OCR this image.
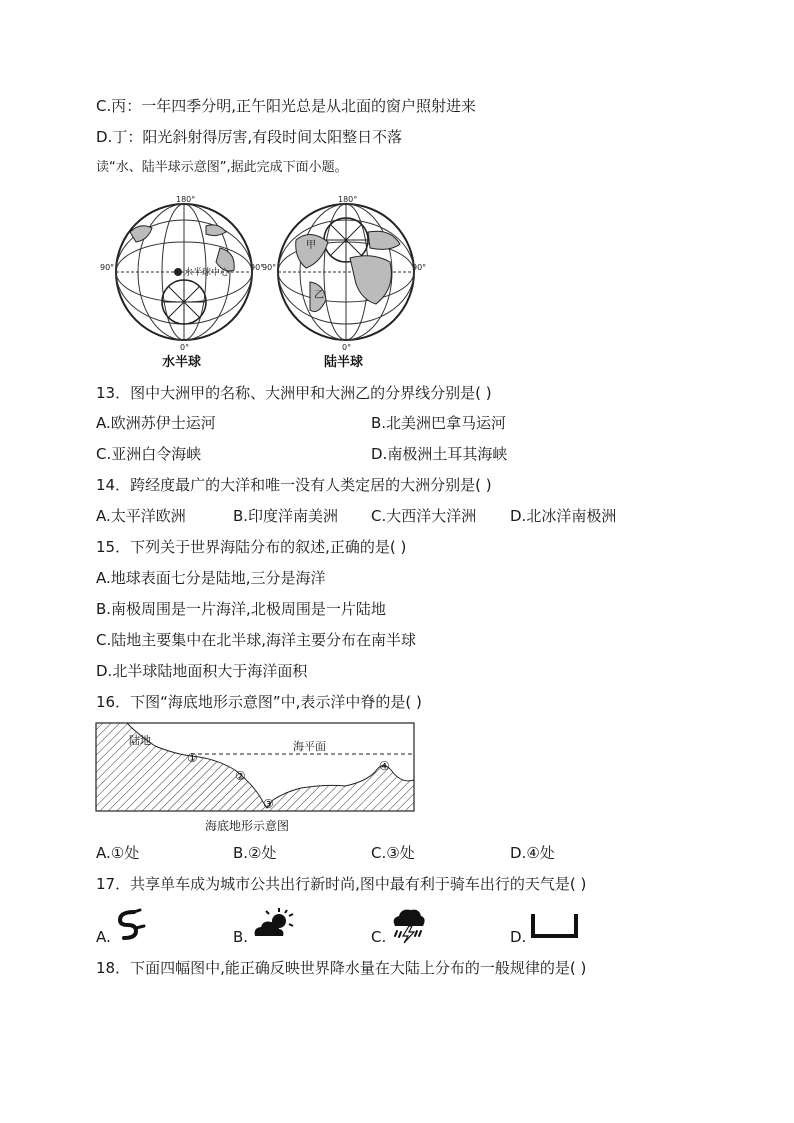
C.丙：一年四季分明,正午阳光总是从北面的窗户照射进来
D.丁：阳光斜射得厉害,有段时间太阳整日不落
读“水、陆半球示意图”,据此完成下面小题。
水半球中心
180°
90°	90°
0°
水半球
甲
乙
180°
90°	90°
0°
陆半球
13．图中大洲甲的名称、大洲甲和大洲乙的分界线分别是( )
A.欧洲苏伊士运河	B.北美洲巴拿马运河
C.亚洲白令海峡	D.南极洲土耳其海峡
14．跨经度最广的大洋和唯一没有人类定居的大洲分别是( )
A.太平洋欧洲	B.印度洋南美洲 C.大西洋大洋洲 D.北冰洋南极洲
15．下列关于世界海陆分布的叙述,正确的是( )
A.地球表面七分是陆地,三分是海洋
B.南极周围是一片海洋,北极周围是一片陆地
C.陆地主要集中在北半球,海洋主要分布在南半球
D.北半球陆地面积大于海洋面积
16．下图“海底地形示意图”中,表示洋中脊的是( )
陆地	海平面
①
②
③
④
海底地形示意图
A.①处	B.②处	C.③处	D.④处
17．共享单车成为城市公共出行新时尚,图中最有利于骑车出行的天气是( )
A.	B.	C.	D.
18．下面四幅图中,能正确反映世界降水量在大陆上分布的一般规律的是( )
